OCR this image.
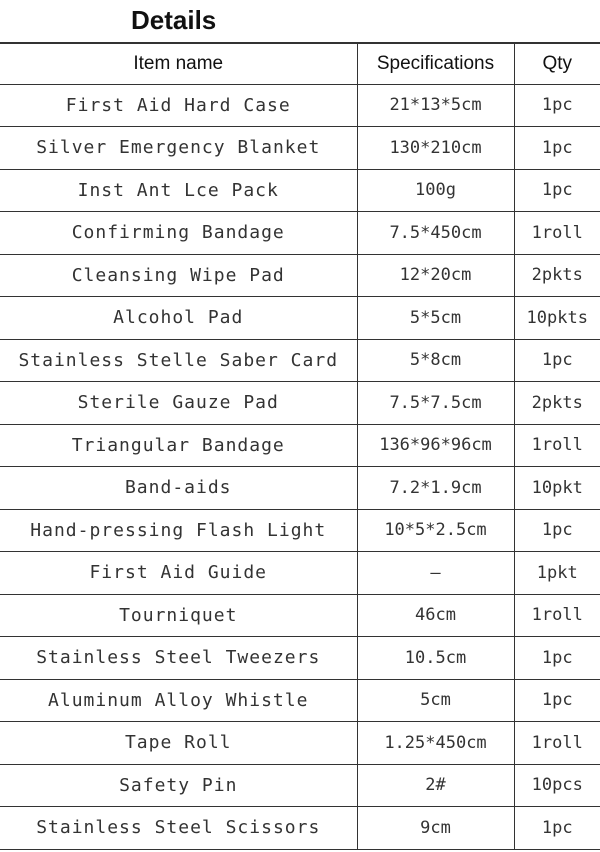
Details
Item name	Specifications	Qty
First Aid Hard Case	21*13*5cm	1pc
Silver Emergency Blanket	130*210cm	1pc
Inst Ant Lce Pack	100g	1pc
Confirming Bandage	7.5*450cm	1roll
Cleansing Wipe Pad	12*20cm	2pkts
Alcohol Pad	5*5cm	10pkts
Stainless Stelle Saber Card	5*8cm	1pc
Sterile Gauze Pad	7.5*7.5cm	2pkts
Triangular Bandage	136*96*96cm	1roll
Band-aids	7.2*1.9cm	10pkt
Hand-pressing Flash Light	10*5*2.5cm	1pc
First Aid Guide	—	1pkt
Tourniquet	46cm	1roll
Stainless Steel Tweezers	10.5cm	1pc
Aluminum Alloy Whistle	5cm	1pc
Tape Roll	1.25*450cm	1roll
Safety Pin	2#	10pcs
Stainless Steel Scissors	9cm	1pc
